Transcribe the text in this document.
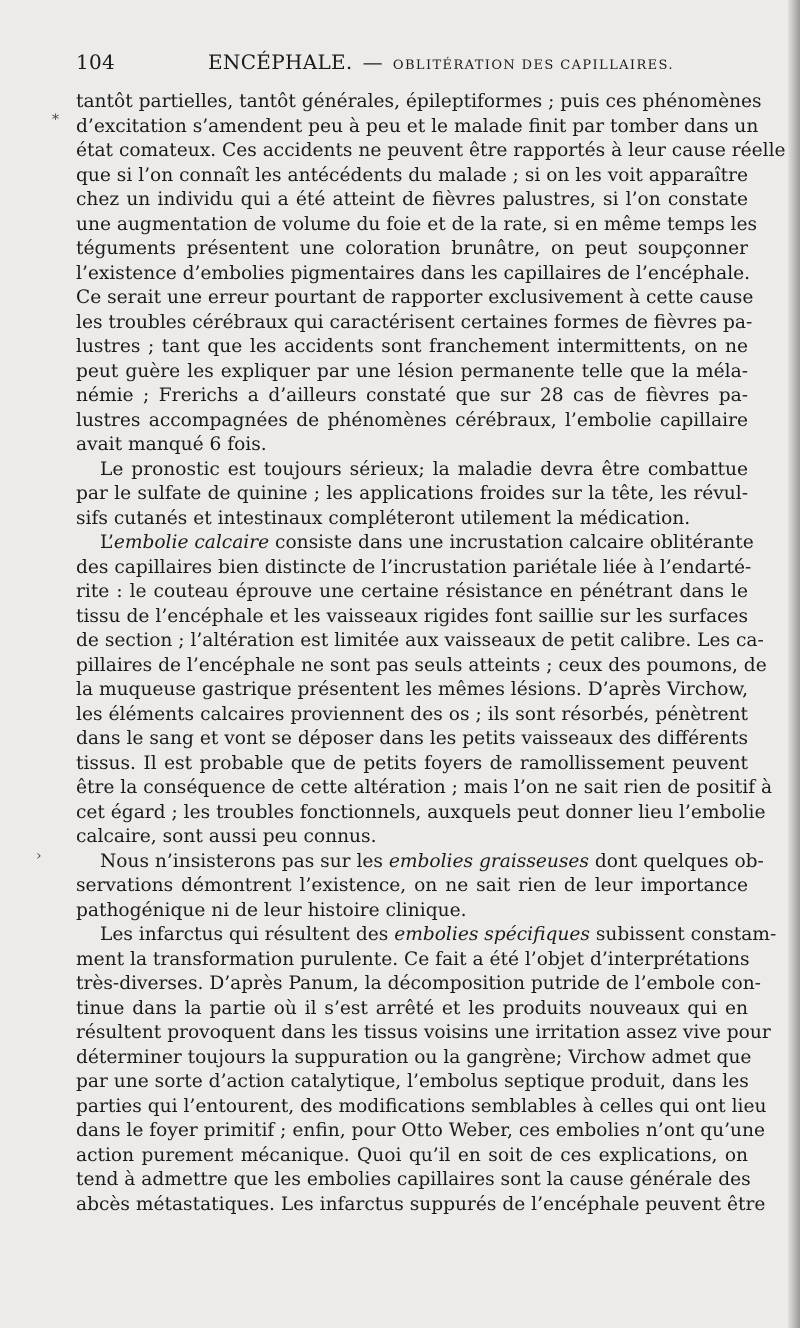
*
›
104	ENCÉPHALE. — OBLITÉRATION DES CAPILLAIRES.
tantôt partielles, tantôt générales, épileptiformes ; puis ces phénomènes
d’excitation s’amendent peu à peu et le malade finit par tomber dans un
état comateux. Ces accidents ne peuvent être rapportés à leur cause réelle
que si l’on connaît les antécédents du malade ; si on les voit apparaître
chez un individu qui a été atteint de fièvres palustres, si l’on constate
une augmentation de volume du foie et de la rate, si en même temps les
téguments présentent une coloration brunâtre, on peut soupçonner
l’existence d’embolies pigmentaires dans les capillaires de l’encéphale.
Ce serait une erreur pourtant de rapporter exclusivement à cette cause
les troubles cérébraux qui caractérisent certaines formes de fièvres pa-
lustres ; tant que les accidents sont franchement intermittents, on ne
peut guère les expliquer par une lésion permanente telle que la méla-
némie ; Frerichs a d’ailleurs constaté que sur 28 cas de fièvres pa-
lustres accompagnées de phénomènes cérébraux, l’embolie capillaire
avait manqué 6 fois.
Le pronostic est toujours sérieux; la maladie devra être combattue
par le sulfate de quinine ; les applications froides sur la tête, les révul-
sifs cutanés et intestinaux compléteront utilement la médication.
L’embolie calcaire consiste dans une incrustation calcaire oblitérante
des capillaires bien distincte de l’incrustation pariétale liée à l’endarté-
rite : le couteau éprouve une certaine résistance en pénétrant dans le
tissu de l’encéphale et les vaisseaux rigides font saillie sur les surfaces
de section ; l’altération est limitée aux vaisseaux de petit calibre. Les ca-
pillaires de l’encéphale ne sont pas seuls atteints ; ceux des poumons, de
la muqueuse gastrique présentent les mêmes lésions. D’après Virchow,
les éléments calcaires proviennent des os ; ils sont résorbés, pénètrent
dans le sang et vont se déposer dans les petits vaisseaux des différents
tissus. Il est probable que de petits foyers de ramollissement peuvent
être la conséquence de cette altération ; mais l’on ne sait rien de positif à
cet égard ; les troubles fonctionnels, auxquels peut donner lieu l’embolie
calcaire, sont aussi peu connus.
Nous n’insisterons pas sur les embolies graisseuses dont quelques ob-
servations démontrent l’existence, on ne sait rien de leur importance
pathogénique ni de leur histoire clinique.
Les infarctus qui résultent des embolies spécifiques subissent constam-
ment la transformation purulente. Ce fait a été l’objet d’interprétations
très-diverses. D’après Panum, la décomposition putride de l’embole con-
tinue dans la partie où il s’est arrêté et les produits nouveaux qui en
résultent provoquent dans les tissus voisins une irritation assez vive pour
déterminer toujours la suppuration ou la gangrène; Virchow admet que
par une sorte d’action catalytique, l’embolus septique produit, dans les
parties qui l’entourent, des modifications semblables à celles qui ont lieu
dans le foyer primitif ; enfin, pour Otto Weber, ces embolies n’ont qu’une
action purement mécanique. Quoi qu’il en soit de ces explications, on
tend à admettre que les embolies capillaires sont la cause générale des
abcès métastatiques. Les infarctus suppurés de l’encéphale peuvent être
